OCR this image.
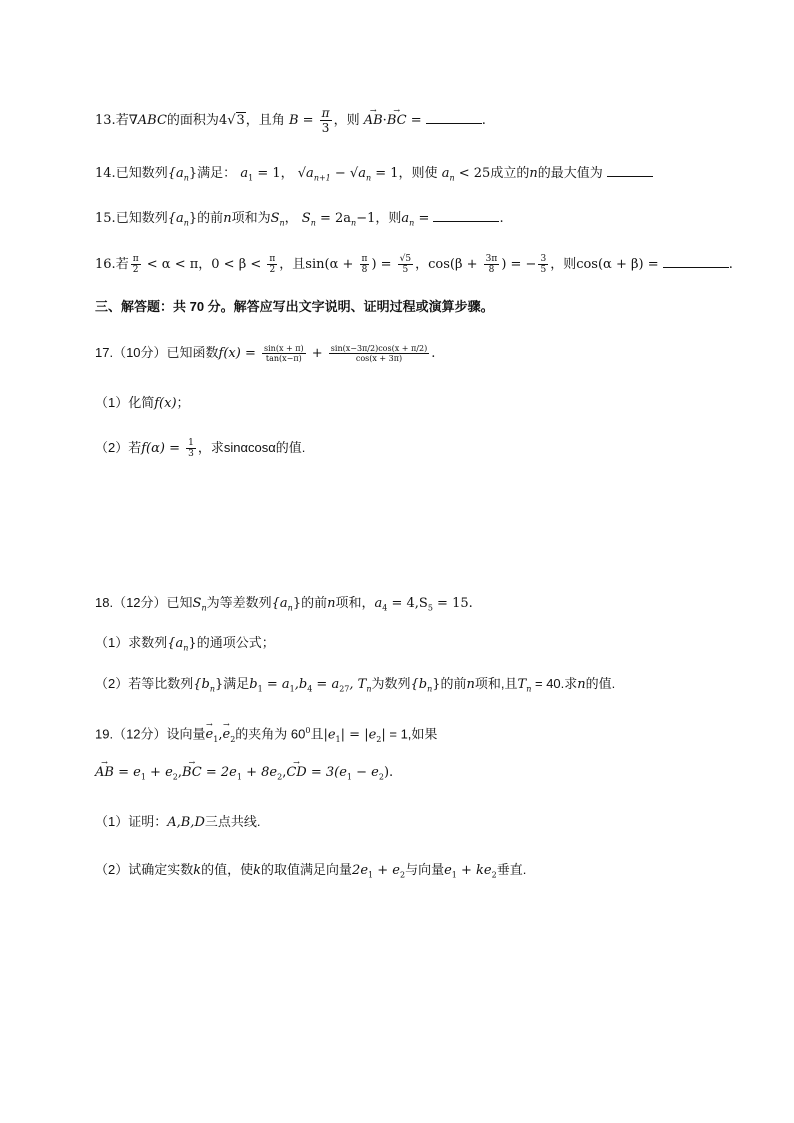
13.若∇ABC的面积为4√3，且角 $B = \frac{\pi}{3}$ ，则 → AB·→ BC =	.
14.已知数列$\{a_n\}$满足： $a_1 = 1$， $√a_{n+1} - √a_n = 1$，则使 $a_n < 25$成立的n的最大值为
15.已知数列$\{a_n\}$的前n项和为$S_n$， $S_n = 2a_n-1$，则$a_n$ =	.
16.若 $\frac{\pi}{2} < \alpha < \pi$，$0 < \beta < \frac{\pi}{2}$ ，且$\sin(\alpha + \frac{\pi}{8}$ ) = $\frac{√5}{5}$ ，$\cos(\beta + \frac{3\pi}{8}$ ) = − $\frac{3}{5}$ ，则cos(α + β) =	.
三、解答题：共 70 分。解答应写出文字说明、证明过程或演算步骤。
17.（10分）已知函数$f(x) = \frac{\sin(x + \pi)}{\tan(x-\pi)} + \frac{\sin(x-3\pi/2)\cos(x + \pi/2)}{\cos(x + 3\pi)}$ .
（1）化简f(x)；
（2）若$f(\alpha) = \frac{1}{3}$ ，求sinαcosα的值.
18.（12分）已知$S_n$为等差数列$\{a_n\}$的前n项和，$a_4 = 4,S_5 = 15$.
（1）求数列$\{a_n\}$的通项公式；
（2）若等比数列$\{b_n\}$满足$b_1 = a_1,b_4 = a_{27}$, $T_n$为数列$\{b_n\}$的前n项和,且$T_n = 40$.求n的值.
19.（12分）设向量→ $e_1,\to e_2$的夹角为 $60^0$且$|e_1| = |e_2| = 1$,如果
→ AB = $e_1 + e_2,\to$ BC = $2e_1 + 8e_2,\to$ CD = $3(e_1 - e_2)$.
（1）证明：A,B,D三点共线.
（2）试确定实数k的值，使k的取值满足向量$2e_1 + e_2$与向量$e_1 + ke_2$垂直.
